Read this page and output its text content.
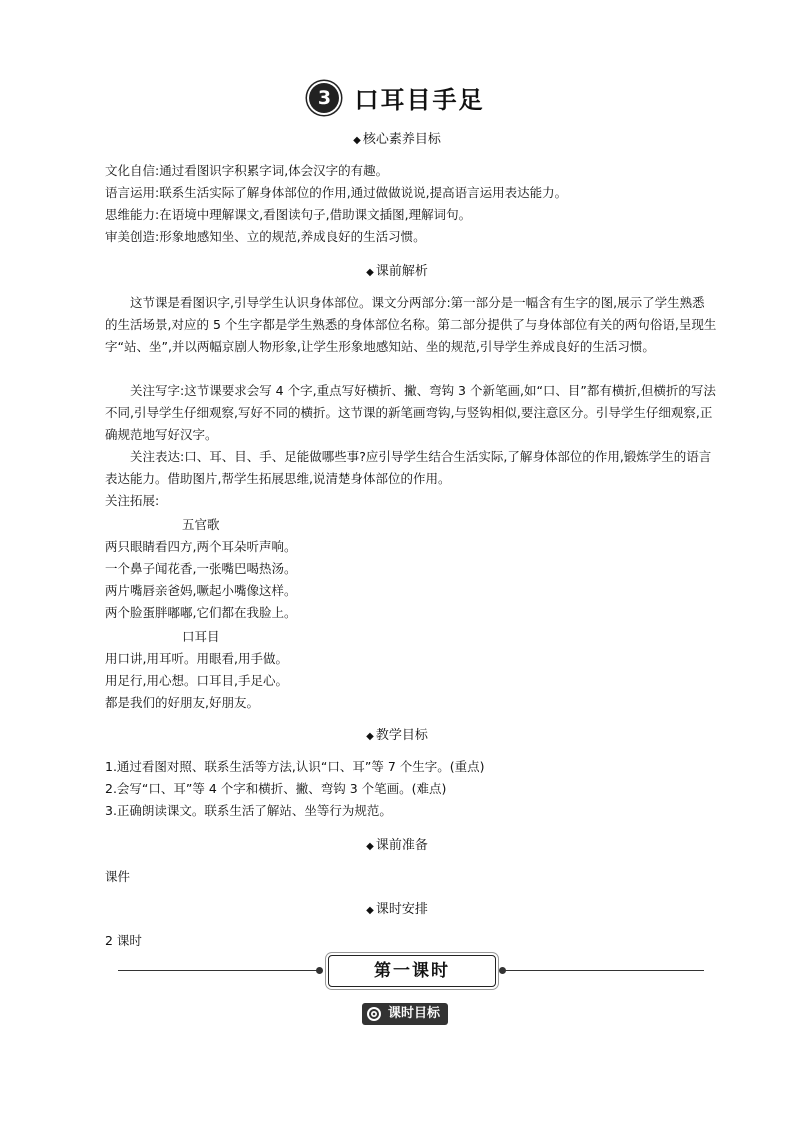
3 口耳目手足
◆ 核心素养目标
文化自信:通过看图识字积累字词,体会汉字的有趣。
语言运用:联系生活实际了解身体部位的作用,通过做做说说,提高语言运用表达能力。
思维能力:在语境中理解课文,看图读句子,借助课文插图,理解词句。
审美创造:形象地感知坐、立的规范,养成良好的生活习惯。
◆ 课前解析

这节课是看图识字,引导学生认识身体部位。课文分两部分:第一部分是一幅含有生字的图,展示了学生熟悉的生活场景,对应的 5 个生字都是学生熟悉的身体部位名称。第二部分提供了与身体部位有关的两句俗语,呈现生字“站、坐”,并以两幅京剧人物形象,让学生形象地感知站、坐的规范,引导学生养成良好的生活习惯。

关注写字:这节课要求会写 4 个字,重点写好横折、撇、弯钩 3 个新笔画,如“口、目”都有横折,但横折的写法不同,引导学生仔细观察,写好不同的横折。这节课的新笔画弯钩,与竖钩相似,要注意区分。引导学生仔细观察,正确规范地写好汉字。

关注表达:口、耳、目、手、足能做哪些事?应引导学生结合生活实际,了解身体部位的作用,锻炼学生的语言表达能力。借助图片,帮学生拓展思维,说清楚身体部位的作用。

关注拓展:
五官歌
两只眼睛看四方,两个耳朵听声响。
一个鼻子闻花香,一张嘴巴喝热汤。
两片嘴唇亲爸妈,噘起小嘴像这样。
两个脸蛋胖嘟嘟,它们都在我脸上。
口耳目
用口讲,用耳听。用眼看,用手做。
用足行,用心想。口耳目,手足心。
都是我们的好朋友,好朋友。
◆ 教学目标
1.通过看图对照、联系生活等方法,认识“口、耳”等 7 个生字。(重点)
2.会写“口、耳”等 4 个字和横折、撇、弯钩 3 个笔画。(难点)
3.正确朗读课文。联系生活了解站、坐等行为规范。
◆ 课前准备
课件
◆ 课时安排
2 课时
第一课时
课时目标
